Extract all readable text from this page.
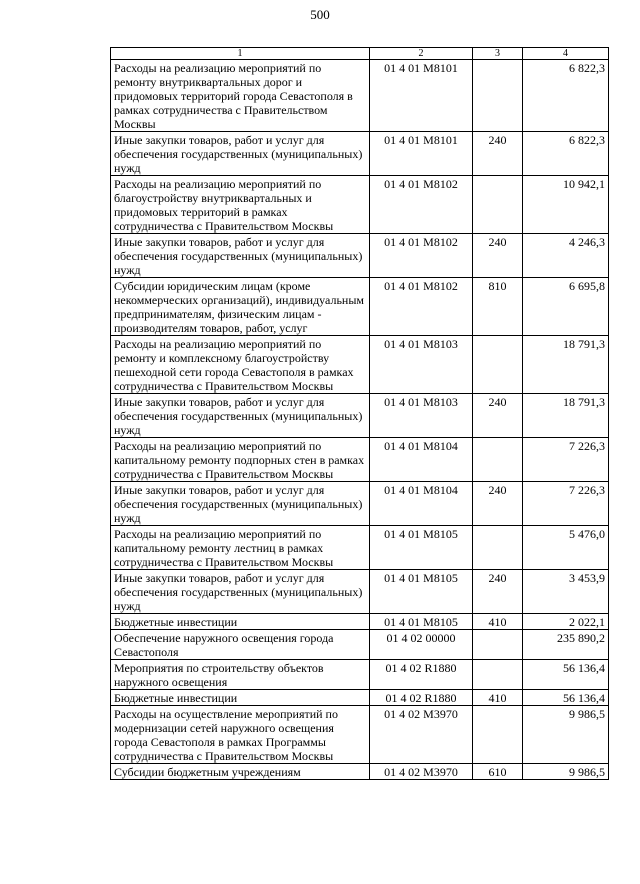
500
1	2	3	4
Расходы на реализацию мероприятий по ремонту внутриквартальных дорог и придомовых территорий города Севастополя в рамках сотрудничества с Правительством Москвы	01 4 01 M8101		6 822,3
Иные закупки товаров, работ и услуг для обеспечения государственных (муниципальных) нужд	01 4 01 M8101	240	6 822,3
Расходы на реализацию мероприятий по благоустройству внутриквартальных и придомовых территорий в рамках сотрудничества с Правительством Москвы	01 4 01 M8102		10 942,1
Иные закупки товаров, работ и услуг для обеспечения государственных (муниципальных) нужд	01 4 01 M8102	240	4 246,3
Субсидии юридическим лицам (кроме некоммерческих организаций), индивидуальным предпринимателям, физическим лицам - производителям товаров, работ, услуг	01 4 01 M8102	810	6 695,8
Расходы на реализацию мероприятий по ремонту и комплексному благоустройству пешеходной сети города Севастополя в рамках сотрудничества с Правительством Москвы	01 4 01 M8103		18 791,3
Иные закупки товаров, работ и услуг для обеспечения государственных (муниципальных) нужд	01 4 01 M8103	240	18 791,3
Расходы на реализацию мероприятий по капитальному ремонту подпорных стен в рамках сотрудничества с Правительством Москвы	01 4 01 M8104		7 226,3
Иные закупки товаров, работ и услуг для обеспечения государственных (муниципальных) нужд	01 4 01 M8104	240	7 226,3
Расходы на реализацию мероприятий по капитальному ремонту лестниц в рамках сотрудничества с Правительством Москвы	01 4 01 M8105		5 476,0
Иные закупки товаров, работ и услуг для обеспечения государственных (муниципальных) нужд	01 4 01 M8105	240	3 453,9
Бюджетные инвестиции	01 4 01 M8105	410	2 022,1
Обеспечение наружного освещения города Севастополя	01 4 02 00000		235 890,2
Мероприятия по строительству объектов наружного освещения	01 4 02 R1880		56 136,4
Бюджетные инвестиции	01 4 02 R1880	410	56 136,4
Расходы на осуществление мероприятий по модернизации сетей наружного освещения города Севастополя в рамках Программы сотрудничества с Правительством Москвы	01 4 02 M3970		9 986,5
Субсидии бюджетным учреждениям	01 4 02 M3970	610	9 986,5
